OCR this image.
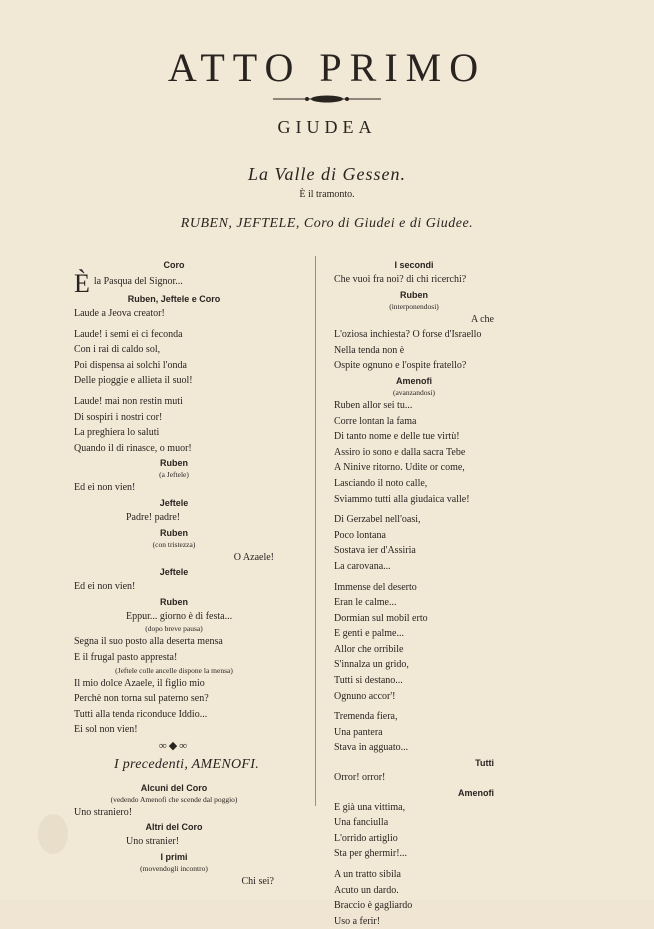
ATTO PRIMO
GIUDEA
La Valle di Gessen.
È il tramonto.
RUBEN, JEFTELE, Coro di Giudei e di Giudee.
Coro
Èla Pasqua del Signor...
Ruben, Jeftele e Coro
Laude a Jeova creator!
Laude! i semi ei ci feconda
Con i rai di caldo sol,
Poi dispensa ai solchi l'onda
Delle pioggie e allieta il suol!
Laude! mai non restin muti
Di sospiri i nostri cor!
La preghiera lo saluti
Quando il dì rinasce, o muor!
Ruben
(a Jeftele)
Ed ei non vien!
Jeftele
Padre! padre!
Ruben
(con tristezza)
O Azaele!
Jeftele
Ed ei non vien!
Ruben
Eppur... giorno è di festa...
(dopo breve pausa)
Segna il suo posto alla deserta mensa
E il frugal pasto appresta!
(Jeftele colle ancelle dispone la mensa)
Il mio dolce Azaele, il figlio mio
Perchè non torna sul paterno sen?
Tutti alla tenda riconduce Iddio...
Ei sol non vien!
∞◆∞
I precedenti, AMENOFI.
Alcuni del Coro
(vedendo Amenofi che scende dal poggio)
Uno straniero!
Altri del Coro
Uno stranier!
I primi
(movendogli incontro)
Chi sei?
I secondi
Che vuoi fra noi? di chi ricerchi?
Ruben
(interponendosi)
A che
L'oziosa inchiesta? O forse d'Israello
Nella tenda non è
Ospite ognuno e l'ospite fratello?
Amenofi
(avanzandosi)
Ruben allor sei tu...
Corre lontan la fama
Di tanto nome e delle tue virtù!
Assiro io sono e dalla sacra Tebe
A Ninive ritorno. Udite or come,
Lasciando il noto calle,
Sviammo tutti alla giudaica valle!
Di Gerzabel nell'oasi,
Poco lontana
Sostava ier d'Assiria
La carovana...
Immense del deserto
Eran le calme...
Dormian sul mobil erto
E genti e palme...
Allor che orribile
S'innalza un grido,
Tutti si destano...
Ognuno accor'!
Tremenda fiera,
Una pantera
Stava in agguato...
Tutti
Orror! orror!
Amenofi
E già una vittima,
Una fanciulla
L'orrido artiglio
Sta per ghermir!...
A un tratto sibila
Acuto un dardo.
Braccio è gagliardo
Uso a ferir!
